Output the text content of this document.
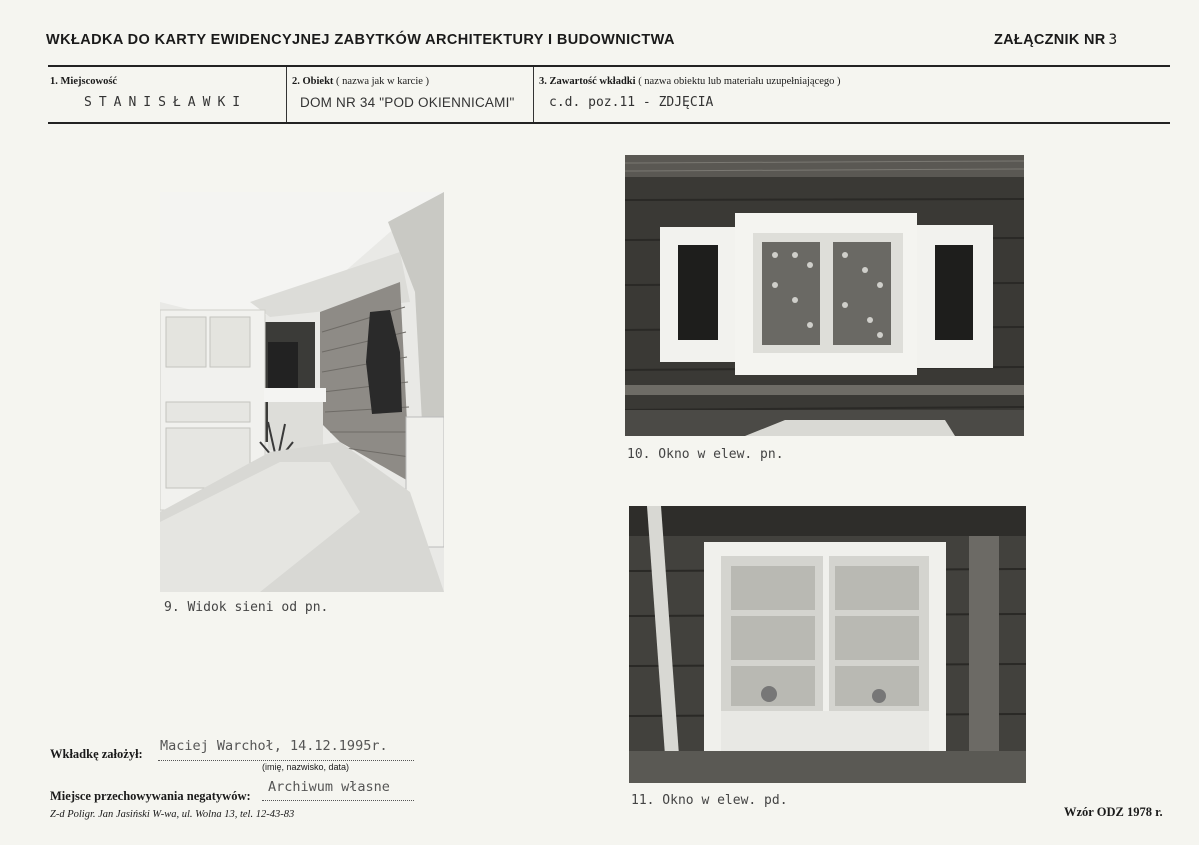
WKŁADKA DO KARTY EWIDENCYJNEJ ZABYTKÓW ARCHITEKTURY I BUDOWNICTWA	ZAŁĄCZNIK NR 3
1. Miejscowość
STANISŁAWKI
2. Obiekt ( nazwa jak w karcie )
DOM NR 34 "POD OKIENNICAMI"
3. Zawartość wkładki ( nazwa obiektu lub materiału uzupełniającego )
c.d. poz.11 - ZDJĘCIA
9. Widok sieni od pn.
10. Okno w elew. pn.
11. Okno w elew. pd.
Wkładkę założył: Maciej Warchoł, 14.12.1995r.
(imię, nazwisko, data)
Miejsce przechowywania negatywów:
Archiwum własne
Z-d Poligr. Jan Jasiński W-wa, ul. Wolna 13, tel. 12-43-83	Wzór ODZ 1978 r.
